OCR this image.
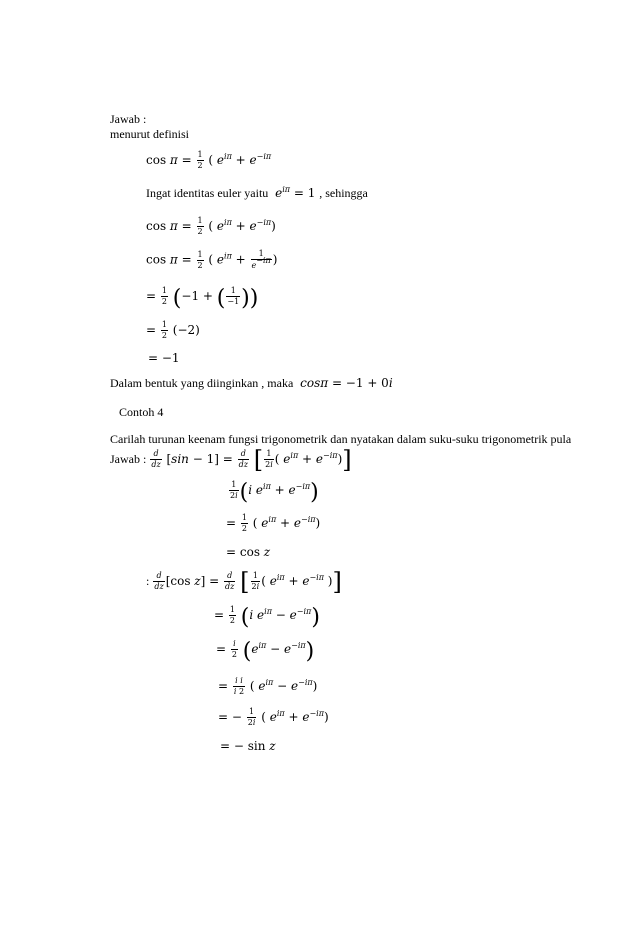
Jawab :
menurut definisi
$\cos \pi = \frac{1}{2}$ ( $e^{i\pi} + e^{-i\pi}$
Ingat identitas euler yaitu $e^{i\pi} = 1$ , sehingga
$\cos \pi = \frac{1}{2}$ ( $e^{i\pi} + e^{-i\pi}$)
$\cos \pi = \frac{1}{2}$ ( $e^{i\pi} + \frac{1}{e^{-i\pi}}$ )
= $\frac{1}{2} (-1$ + ( $\frac{1}{-1}$ ))
= $\frac{1}{2} (-2)$
= −1
Dalam bentuk yang diinginkan , maka cosπ = −1 + 0i
Contoh 4
Carilah turunan keenam fungsi trigonometrik dan nyatakan dalam suku-suku trigonometrik pula
Jawab : $\frac{d}{dz} [\sin - 1] = \frac{d}{dz}$ [ $\frac{1}{2i}$ ( $e^{i\pi} + e^{-i\pi}$)]
$\frac{1}{2i} (i$ $e^{i\pi} + e^{-i\pi}$)
= $\frac{1}{2}$ ( $e^{i\pi} + e^{-i\pi}$)
= cos z
: $\frac{d}{dz} [\cos$ $z] = \frac{d}{dz}$ [ $\frac{1}{2i}$ ( $e^{i\pi} + e^{-i\pi}$ )]
= $\frac{1}{2} (i$ $e^{i\pi} - e^{-i\pi}$)
= $\frac{i}{2} (e^{i\pi} - e^{-i\pi})$
= $\frac{\text{i i}}{i 2}$ ( $e^{i\pi} - e^{-i\pi}$)
= − $\frac{1}{2i}$ ( $e^{i\pi} + e^{-i\pi}$)
= − sin z
